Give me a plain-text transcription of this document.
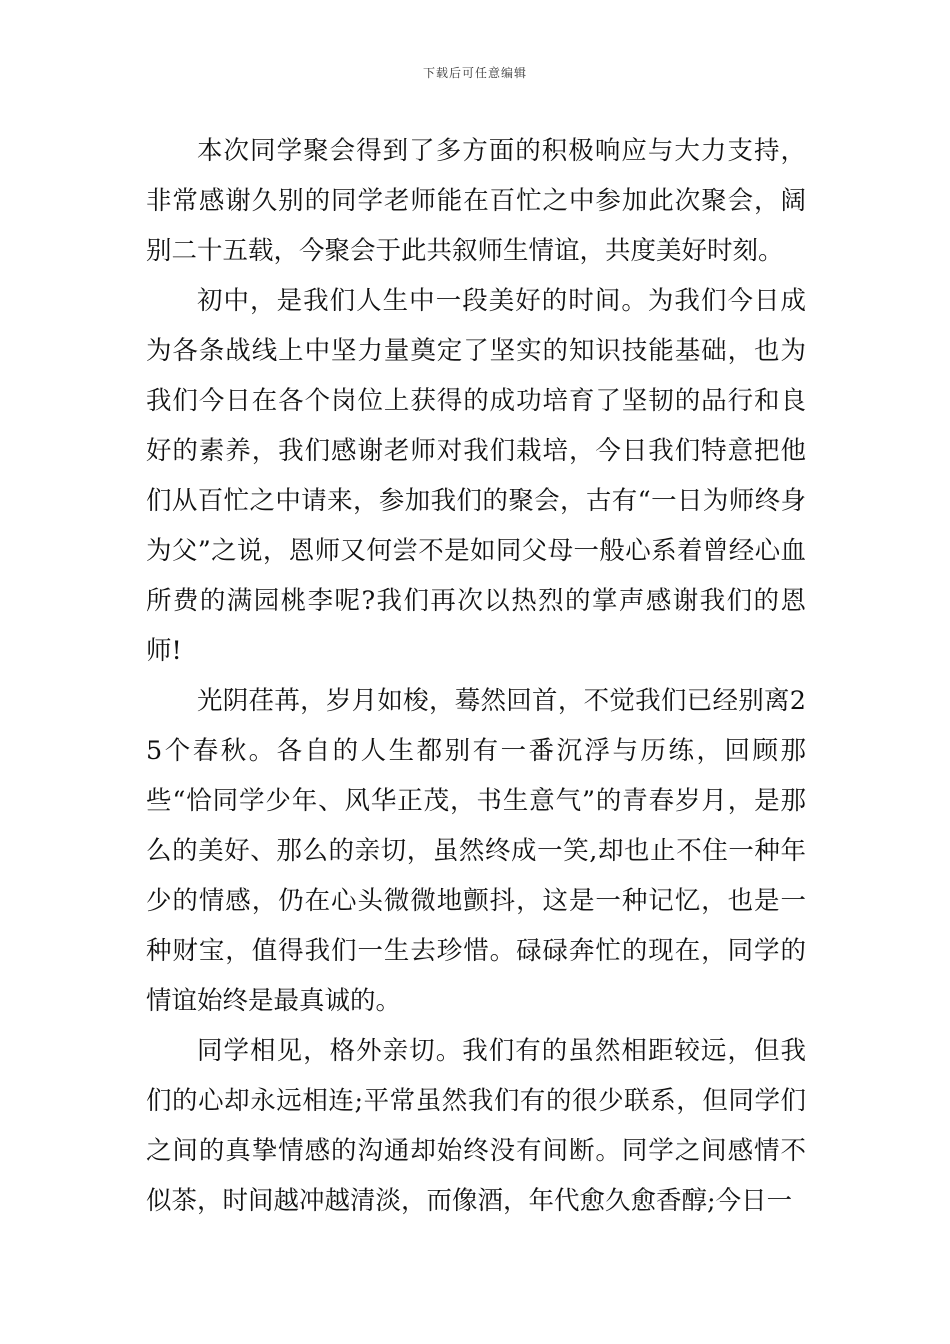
下载后可任意编辑

本次同学聚会得到了多方面的积极响应与大力支持，非常感谢久别的同学老师能在百忙之中参加此次聚会，阔别二十五载，今聚会于此共叙师生情谊，共度美好时刻。

初中，是我们人生中一段美好的时间。为我们今日成为各条战线上中坚力量奠定了坚实的知识技能基础，也为我们今日在各个岗位上获得的成功培育了坚韧的品行和良好的素养，我们感谢老师对我们栽培，今日我们特意把他们从百忙之中请来，参加我们的聚会，古有“一日为师终身为父”之说，恩师又何尝不是如同父母一般心系着曾经心血所费的满园桃李呢?我们再次以热烈的掌声感谢我们的恩师!

光阴荏苒，岁月如梭，蓦然回首，不觉我们已经别离25个春秋。各自的人生都别有一番沉浮与历练，回顾那些“恰同学少年、风华正茂，书生意气”的青春岁月，是那么的美好、那么的亲切，虽然终成一笑,却也止不住一种年少的情感，仍在心头微微地颤抖，这是一种记忆，也是一种财宝，值得我们一生去珍惜。碌碌奔忙的现在，同学的情谊始终是最真诚的。

同学相见，格外亲切。我们有的虽然相距较远，但我们的心却永远相连;平常虽然我们有的很少联系，但同学们之间的真挚情感的沟通却始终没有间断。同学之间感情不似茶，时间越冲越清淡，而像酒，年代愈久愈香醇;今日一
